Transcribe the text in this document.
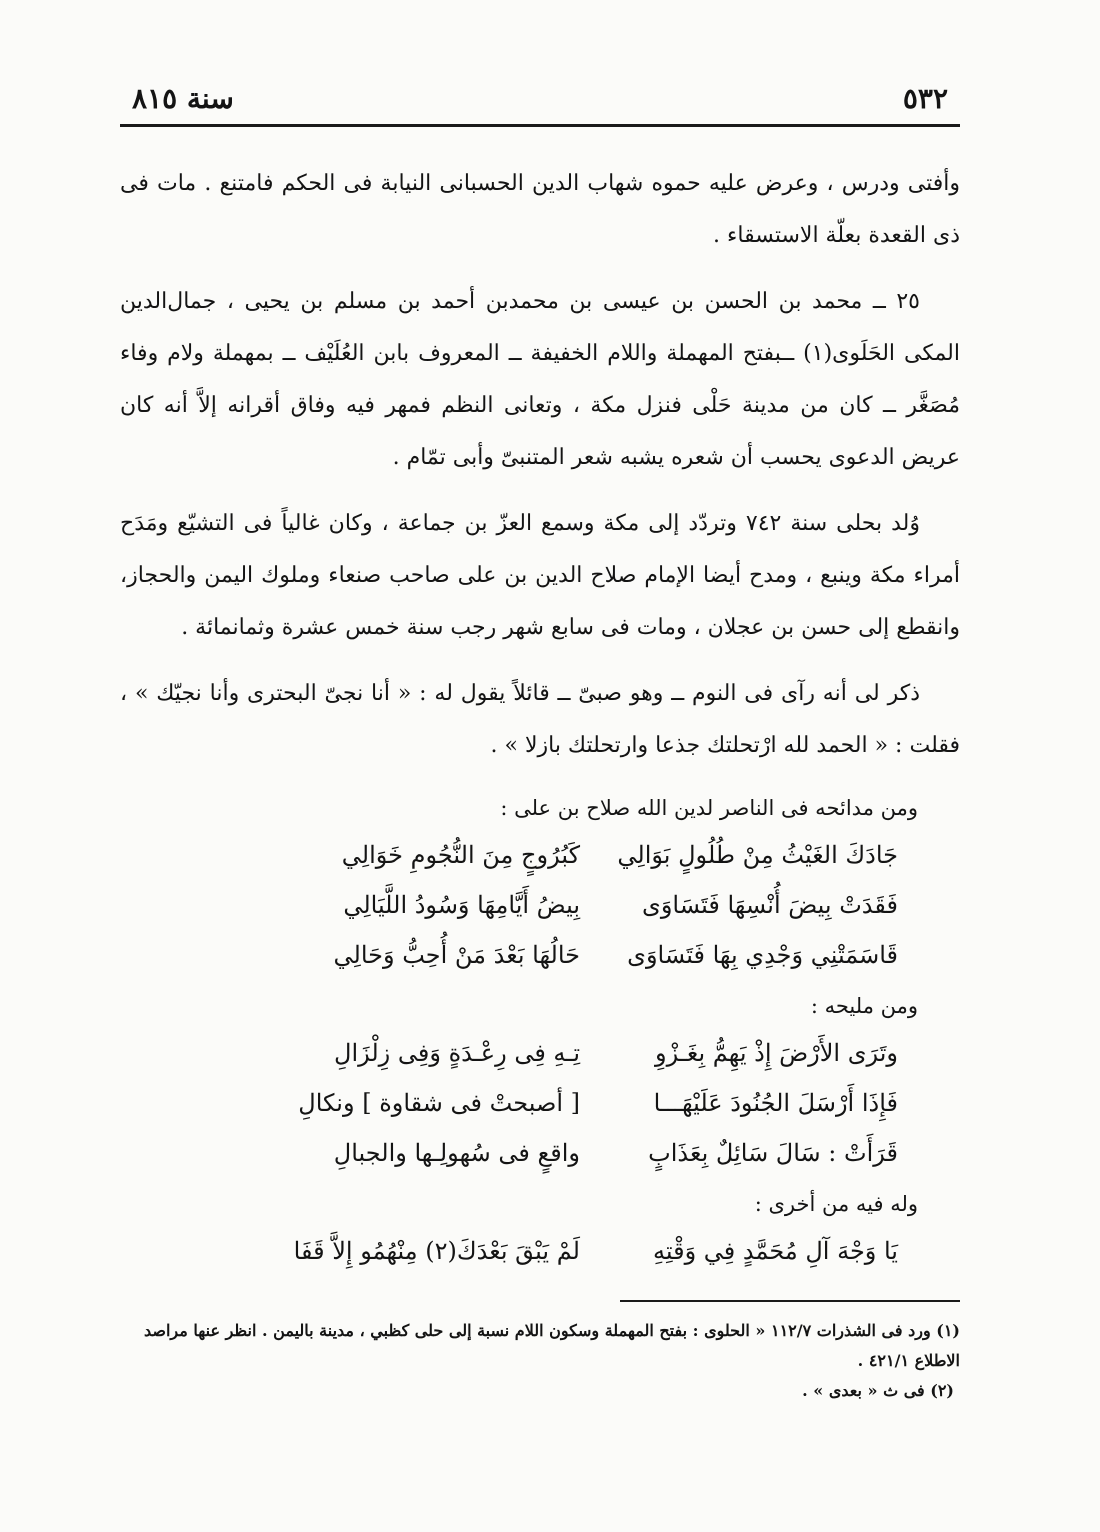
٥٣٢
سنة ٨١٥

وأفتى ودرس ، وعرض عليه حموه شهاب الدين الحسبانى النيابة فى الحكم فامتنع . مات فى ذى القعدة بعلّة الاستسقاء .

٢٥ ــ محمد بن الحسن بن عيسى بن محمدبن أحمد بن مسلم بن يحيى ، جمال‌الدين المكى الحَلَوى(١) ــبفتح المهملة واللام الخفيفة ــ المعروف بابن العُلَيْف ــ بمهملة ولام وفاء مُصَغَّر ــ كان من مدينة حَلْى فنزل مكة ، وتعانى النظم فمهر فيه وفاق أقرانه إلاَّ أنه كان عريض الدعوى يحسب أن شعره يشبه شعر المتنبىّ وأبى تمّام .

وُلد بحلى سنة ٧٤٢ وتردّد إلى مكة وسمع العزّ بن جماعة ، وكان غالياً فى التشيّع ومَدَح أمراء مكة وينبع ، ومدح أيضا الإمام صلاح الدين بن على صاحب صنعاء وملوك اليمن والحجاز، وانقطع إلى حسن بن عجلان ، ومات فى سابع شهر رجب سنة خمس عشرة وثمانمائة .

ذكر لى أنه رآى فى النوم ــ وهو صبىّ ــ قائلاً يقول له : « أنا نجىّ البحترى وأنا نجيّك » ، فقلت : « الحمد لله ارْتحلتك جذعا وارتحلتك بازلا » .

ومن مدائحه فى الناصر لدين الله صلاح بن على :

جَادَكَ الغَيْثُ مِنْ طُلُولٍ بَوَالِي
كَبُرُوجٍ مِنَ النُّجُومِ خَوَالِي
فَقَدَتْ بِيضَ أُنْسِهَا فَتَسَاوَى
بِيضُ أَيَّامِهَا وَسُودُ اللَّيَالِي
قَاسَمَتْنِي وَجْدِي بِهَا فَتَسَاوَى
حَالُهَا بَعْدَ مَنْ أُحِبُّ وَحَالِي

ومن مليحه :

وتَرَى الأَرْضَ إِذْ يَهِمُّ بِغَـزْوِ
تِـهِ فِى رِعْـدَةٍ وَفِى زِلْزَالِ
فَإِذَا أَرْسَلَ الجُنُودَ عَلَيْهَـــا
[ أصبحتْ فى شقاوة ] ونكالِ
قَرَأَتْ : سَالَ سَائِلٌ بِعَذَابٍ
واقعٍ فى سُهولِـها والجبالِ

وله فيه من أخرى :

يَا وَجْهَ آلِ مُحَمَّدٍ فِي وَقْتِهِ
لَمْ يَبْقَ بَعْدَكَ(٢) مِنْهُمُو إِلاَّ قَفَا

(١) ورد فى الشذرات ١١٢/٧ « الحلوى : بفتح المهملة وسكون اللام نسبة إلى حلى كظبي ، مدينة باليمن . انظر عنها مراصد الاطلاع ٤٢١/١ .

(٢) فى ث « بعدى » .
